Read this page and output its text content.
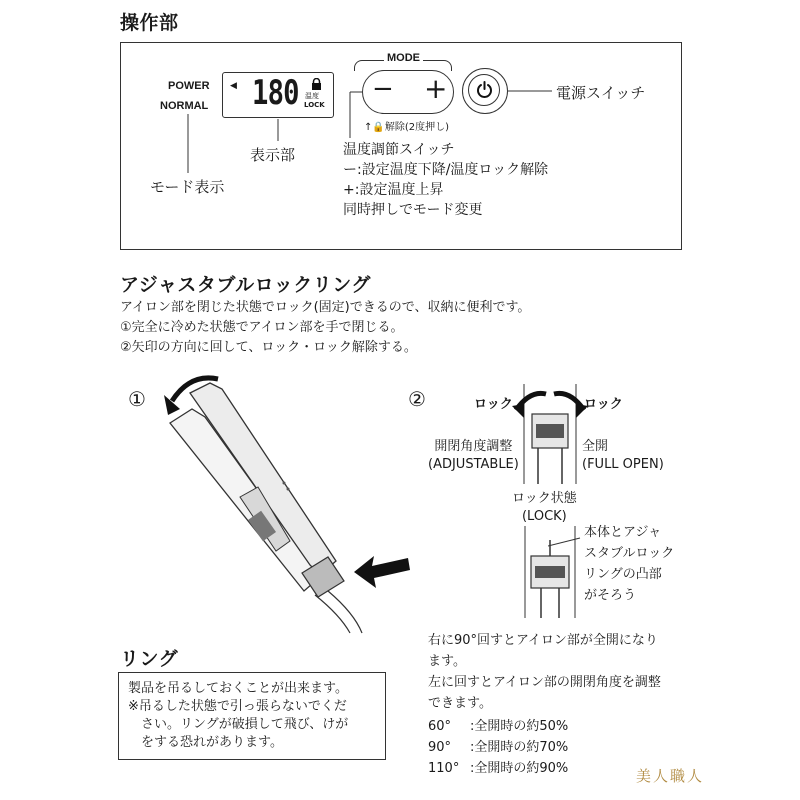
操作部
POWER
NORMAL
◀ 180 温度
LOCK
表示部
モード表示
MODE
− +
↑🔒解除(2度押し)
電源スイッチ
温度調節スイッチ
ー:設定温度下降/温度ロック解除
+:設定温度上昇
同時押しでモード変更
アジャスタブルロックリング
アイロン部を閉じた状態でロック(固定)できるので、収納に便利です。
①完全に冷めた状態でアイロン部を手で閉じる。
②矢印の方向に回して、ロック・ロック解除する。
①	②	ロック	ロック
開閉角度調整
(ADJUSTABLE)
全開
(FULL OPEN)
ロック状態
(LOCK)
本体とアジャ
スタブルロック
リングの凸部
がそろう
右に90°回すとアイロン部が全開になり
ます。
左に回すとアイロン部の開閉角度を調整
できます。
60° :全開時の約50%
90° :全開時の約70%
110° :全開時の約90%
リング
製品を吊るしておくことが出来ます。
※吊るした状態で引っ張らないでくだ
　さい。リングが破損して飛び、けが
　をする恐れがあります。
美人職人
